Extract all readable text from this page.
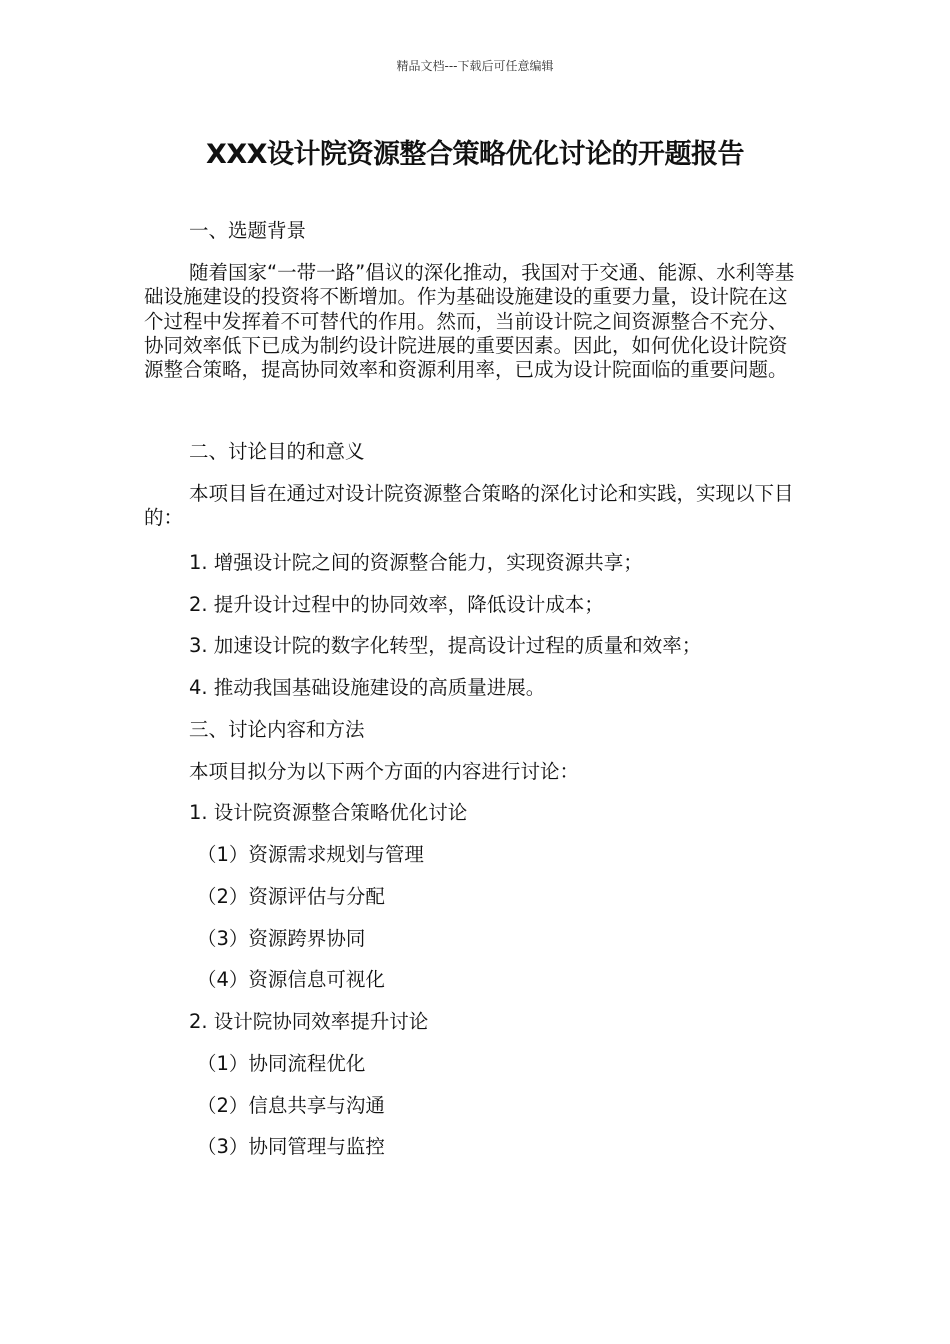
精品文档---下载后可任意编辑
XXX设计院资源整合策略优化讨论的开题报告

一、选题背景

随着国家“一带一路”倡议的深化推动，我国对于交通、能源、水利等基础设施建设的投资将不断增加。作为基础设施建设的重要力量，设计院在这个过程中发挥着不可替代的作用。然而，当前设计院之间资源整合不充分、协同效率低下已成为制约设计院进展的重要因素。因此，如何优化设计院资源整合策略，提高协同效率和资源利用率，已成为设计院面临的重要问题。

二、讨论目的和意义

本项目旨在通过对设计院资源整合策略的深化讨论和实践，实现以下目的：

1. 增强设计院之间的资源整合能力，实现资源共享；

2. 提升设计过程中的协同效率，降低设计成本；

3. 加速设计院的数字化转型，提高设计过程的质量和效率；

4. 推动我国基础设施建设的高质量进展。

三、讨论内容和方法

本项目拟分为以下两个方面的内容进行讨论：

1. 设计院资源整合策略优化讨论

（1）资源需求规划与管理

（2）资源评估与分配

（3）资源跨界协同

（4）资源信息可视化

2. 设计院协同效率提升讨论

（1）协同流程优化

（2）信息共享与沟通

（3）协同管理与监控
